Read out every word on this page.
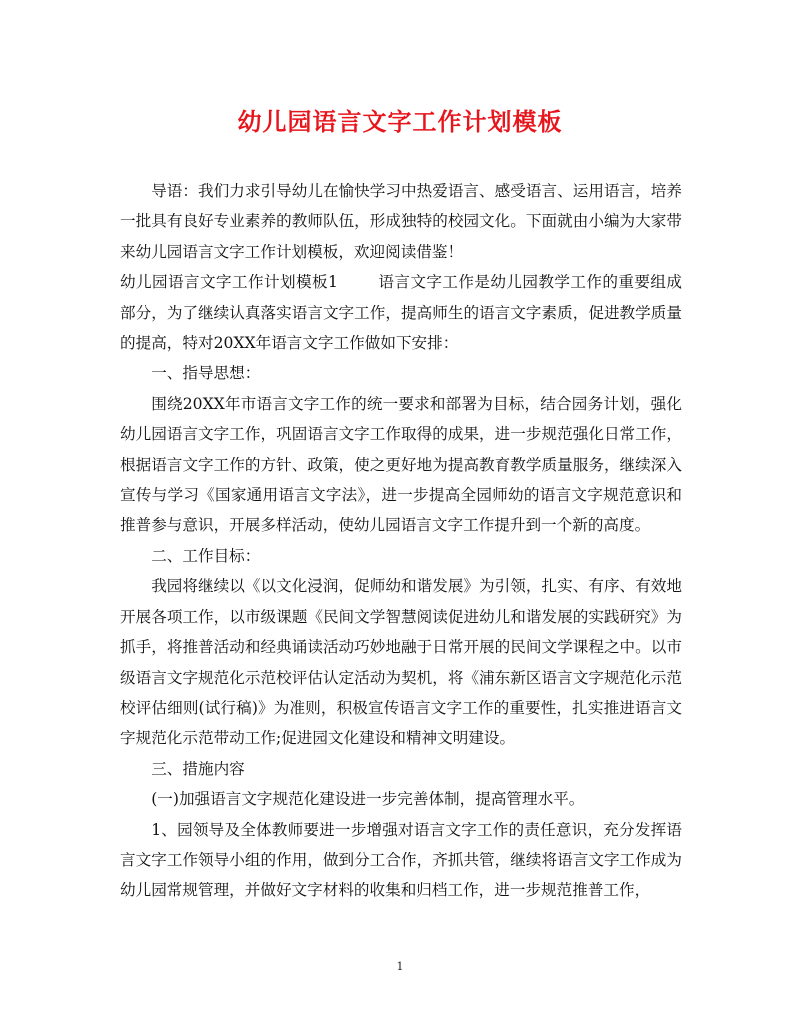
幼儿园语言文字工作计划模板

导语：我们力求引导幼儿在愉快学习中热爱语言、感受语言、运用语言，培养一批具有良好专业素养的教师队伍，形成独特的校园文化。下面就由小编为大家带来幼儿园语言文字工作计划模板，欢迎阅读借鉴！

幼儿园语言文字工作计划模板1	语言文字工作是幼儿园教学工作的重要组成部分，为了继续认真落实语言文字工作，提高师生的语言文字素质，促进教学质量的提高，特对20XX年语言文字工作做如下安排：

一、指导思想：

围绕20XX年市语言文字工作的统一要求和部署为目标，结合园务计划，强化幼儿园语言文字工作，巩固语言文字工作取得的成果，进一步规范强化日常工作，根据语言文字工作的方针、政策，使之更好地为提高教育教学质量服务，继续深入宣传与学习《国家通用语言文字法》，进一步提高全园师幼的语言文字规范意识和推普参与意识，开展多样活动，使幼儿园语言文字工作提升到一个新的高度。

二、工作目标：

我园将继续以《以文化浸润，促师幼和谐发展》为引领，扎实、有序、有效地开展各项工作，以市级课题《民间文学智慧阅读促进幼儿和谐发展的实践研究》为抓手，将推普活动和经典诵读活动巧妙地融于日常开展的民间文学课程之中。以市级语言文字规范化示范校评估认定活动为契机，将《浦东新区语言文字规范化示范校评估细则(试行稿)》为准则，积极宣传语言文字工作的重要性，扎实推进语言文字规范化示范带动工作;促进园文化建设和精神文明建设。

三、措施内容

(一)加强语言文字规范化建设进一步完善体制，提高管理水平。

1、园领导及全体教师要进一步增强对语言文字工作的责任意识，充分发挥语言文字工作领导小组的作用，做到分工合作，齐抓共管，继续将语言文字工作成为幼儿园常规管理，并做好文字材料的收集和归档工作，进一步规范推普工作，

1
